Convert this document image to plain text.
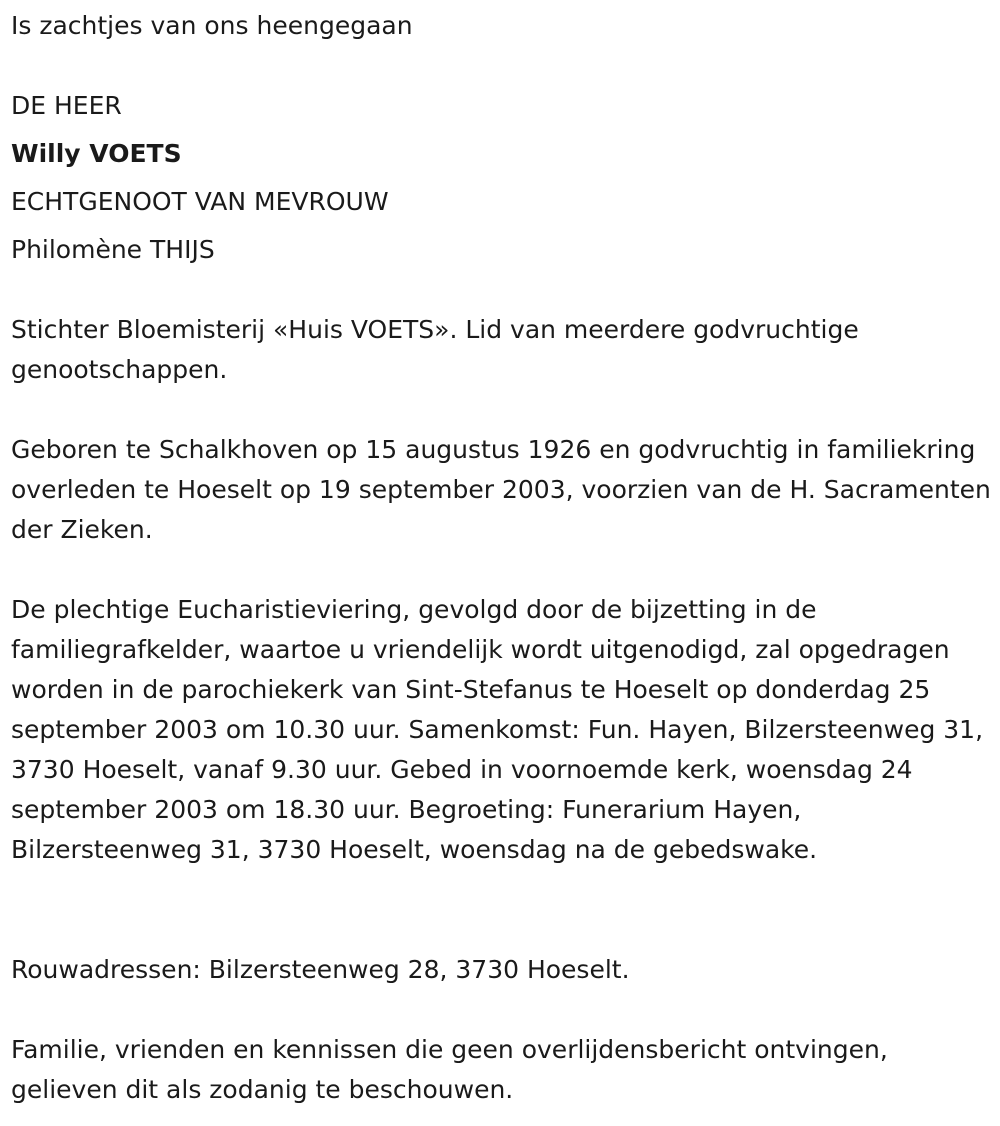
Is zachtjes van ons heengegaan
DE HEER
Willy VOETS
ECHTGENOOT VAN MEVROUW
Philomène THIJS

Stichter Bloemisterij «Huis VOETS». Lid van meerdere godvruchtige genootschappen.

Geboren te Schalkhoven op 15 augustus 1926 en godvruchtig in familiekring overleden te Hoeselt op 19 september 2003, voorzien van de H. Sacramenten der Zieken.

De plechtige Eucharistieviering, gevolgd door de bijzetting in de familiegrafkelder, waartoe u vriendelijk wordt uitgenodigd, zal opgedragen worden in de parochiekerk van Sint-Stefanus te Hoeselt op donderdag 25 september 2003 om 10.30 uur. Samenkomst: Fun. Hayen, Bilzersteenweg 31, 3730 Hoeselt, vanaf 9.30 uur. Gebed in voornoemde kerk, woensdag 24 september 2003 om 18.30 uur. Begroeting: Funerarium Hayen, Bilzersteenweg 31, 3730 Hoeselt, woensdag na de gebedswake.

Rouwadressen: Bilzersteenweg 28, 3730 Hoeselt.

Familie, vrienden en kennissen die geen overlijdensbericht ontvingen, gelieven dit als zodanig te beschouwen.
